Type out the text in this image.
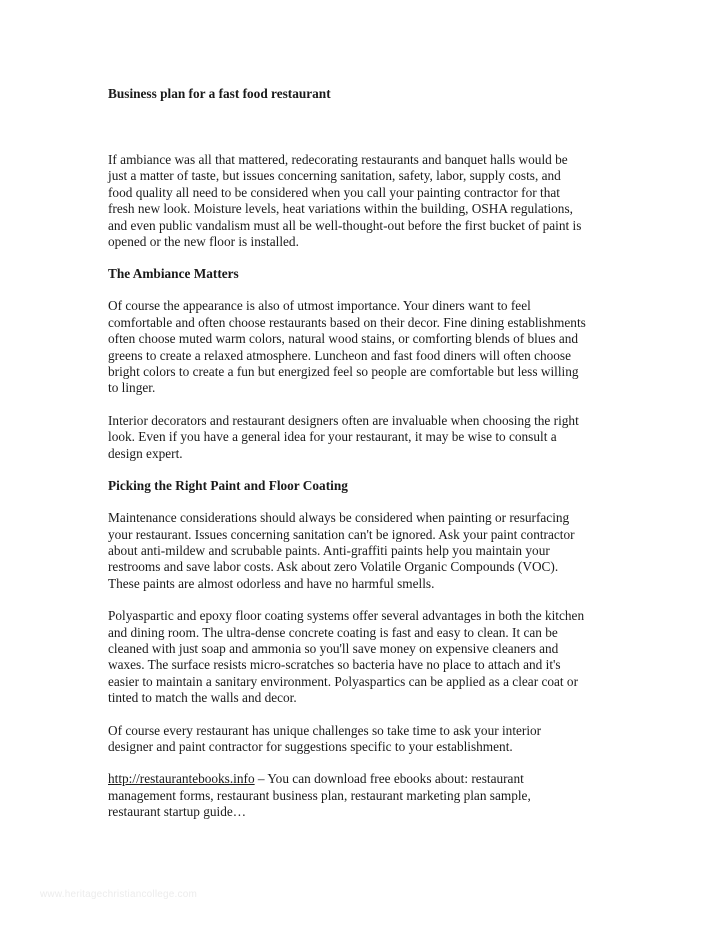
Business plan for a fast food restaurant

If ambiance was all that mattered, redecorating restaurants and banquet halls would be
just a matter of taste, but issues concerning sanitation, safety, labor, supply costs, and
food quality all need to be considered when you call your painting contractor for that
fresh new look. Moisture levels, heat variations within the building, OSHA regulations,
and even public vandalism must all be well-thought-out before the first bucket of paint is
opened or the new floor is installed.

The Ambiance Matters

Of course the appearance is also of utmost importance. Your diners want to feel
comfortable and often choose restaurants based on their decor. Fine dining establishments
often choose muted warm colors, natural wood stains, or comforting blends of blues and
greens to create a relaxed atmosphere. Luncheon and fast food diners will often choose
bright colors to create a fun but energized feel so people are comfortable but less willing
to linger.

Interior decorators and restaurant designers often are invaluable when choosing the right
look. Even if you have a general idea for your restaurant, it may be wise to consult a
design expert.

Picking the Right Paint and Floor Coating

Maintenance considerations should always be considered when painting or resurfacing
your restaurant. Issues concerning sanitation can't be ignored. Ask your paint contractor
about anti-mildew and scrubable paints. Anti-graffiti paints help you maintain your
restrooms and save labor costs. Ask about zero Volatile Organic Compounds (VOC).
These paints are almost odorless and have no harmful smells.

Polyaspartic and epoxy floor coating systems offer several advantages in both the kitchen
and dining room. The ultra-dense concrete coating is fast and easy to clean. It can be
cleaned with just soap and ammonia so you'll save money on expensive cleaners and
waxes. The surface resists micro-scratches so bacteria have no place to attach and it's
easier to maintain a sanitary environment. Polyaspartics can be applied as a clear coat or
tinted to match the walls and decor.

Of course every restaurant has unique challenges so take time to ask your interior
designer and paint contractor for suggestions specific to your establishment.

http://restaurantebooks.info – You can download free ebooks about: restaurant
management forms, restaurant business plan, restaurant marketing plan sample,
restaurant startup guide…

www.heritagechristiancollege.com
